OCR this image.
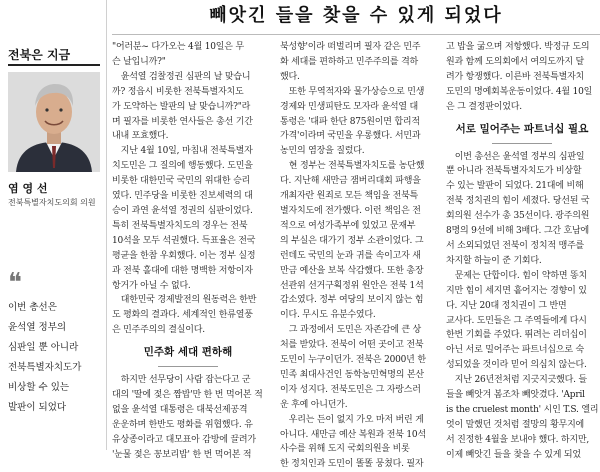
빼앗긴 들을 찾을 수 있게 되었다
전북은 지금
염 영 선
전북특별자치도의회 의원
❝
이번 총선은
윤석열 정부의
심판일 뿐 아니라
전북특별자치도가
비상할 수 있는
발판이 되었다
"어러분~ 다가오는 4월 10일은 무
슨 날입니까?"
　윤석열 검찰정권 심판의 날 맞습니
까? 정읍시 비롯한 전북특별자치도
가 도약하는 발판의 날 맞습니까?"라
며 필자를 비롯한 연사들은 총선 기간
내내 포효했다.
　지난 4월 10일, 마침내 전북특별자
치도민은 그 질의에 행동했다. 도민을
비롯한 대한민국 국민의 위대한 승리
였다. 민주당을 비롯한 진보세력의 대
승이 과연 윤석열 정권의 심판이었다.
특히 전북특별자치도의 경우는 전북
10석을 모두 석권했다. 득표율은 전국
평균을 한참 우회했다. 이는 정부 실정
과 전북 홀대에 대한 명백한 저항이자
항거가 아닐 수 없다.
　대한민국 경제발전의 원동력은 한반
도 평화의 결과다. 세계적인 한류열풍
은 민주주의의 결실이다.
민주화 세대 편하해
　하지만 선무당이 사람 잡는다고 군
대의 '딸에 젖은 짬밥'만 한 번 먹어본 적
없을 윤석열 대통령은 대북선제공격
운운하며 한반도 평화를 위협했다. 유
유상종이라고 대모표아 감방에 끌려가
'눈물 젖은 꽁보리밥' 한 번 먹어본 적
북성향'이라 떠벌리며 필자 같은 민주
화 세대를 편하하고 민주주의를 격하
했다.
　또한 무역적자와 물가상승으로 민생
경제와 민생피탄도 모자라 윤석열 대
통령은 '대파 한단 875원이면 합리적
가격'이라며 국민을 우롱했다. 서민과
농민의 염장을 질렀다.
　현 정부는 전북특별자치도를 농단했
다. 지난해 새만금 잼버리대회 파행을
개최자란 원죄로 모든 책임을 전북특
별자치도에 전가했다. 이런 책임은 전
적으로 여성가족부에 있었고 문재부
의 부실은 대가기 정부 소관이었다. 그
런데도 국민의 눈과 귀를 속이고자 새
만금 예산을 보복 삭감했다. 또한 총장
선관위 선거구획정위 원안은 전북 1석
감소였다. 정부 여당의 보이지 않는 힘
이다. 무시도 유분수였다.
　그 과정에서 도민은 자존감에 큰 상
처를 받았다. 전북이 어떤 곳이고 전북
도민이 누구이던가. 전북은 2000년 한
민족 최대사건인 동학농민혁명의 본산
이자 성지다. 전북도민은 그 자랑스러
운 후예 아니던가.
　우리는 든이 없지 가오 마저 버린 게
아니다. 새만금 예산 복원과 전북 10석
사수를 위해 도지 국회의원을 비롯
한 정치인과 도민이 똘똘 뭉쳤다. 필자
고 밥을 굶으며 저항했다. 박정규 도의
원과 함께 도의회에서 여의도까지 달
려가 항쟁했다. 이른바 전북특별자치
도민의 명예회복운동이었다. 4월 10일
은 그 결정판이었다.
서로 밀어주는 파트너십 필요
　이번 총선은 윤석열 정부의 심판일
뿐 아니라 전북특별자치도가 비상할
수 있는 발판이 되었다. 21대에 비해
전북 정치권의 힘이 세졌다. 당선된 국
회의원 선수가 총 35선이다. 광주의원
8명의 9선에 비해 3배다. 그간 호남에
서 소외되었던 전북이 정치적 맹주를
차지할 하늘이 준 기회다.
　문제는 단합이다. 힘이 약하면 똥치
지만 힘이 세지면 흩어지는 경향이 있
다. 지난 20대 정치권이 그 반면
교사다. 도민들은 그 주역들에게 다시
한번 기회를 주었다. 뛰려는 리더십이
아닌 서로 밀어주는 파트너십으로 숙
성되었을 것이라 믿어 의심치 않는다.
　지난 26년전처럼 지긋지긋했다. 들
들을 빼앗겨 봄조차 빼앗겼다. 'April
is the cruelest month' 시인 T.S. 엘리
엇이 말했던 것처럼 절망의 황무지에
서 진정한 4월을 보내야 했다. 하지만,
이제 빼앗긴 들을 찾을 수 있게 되었
